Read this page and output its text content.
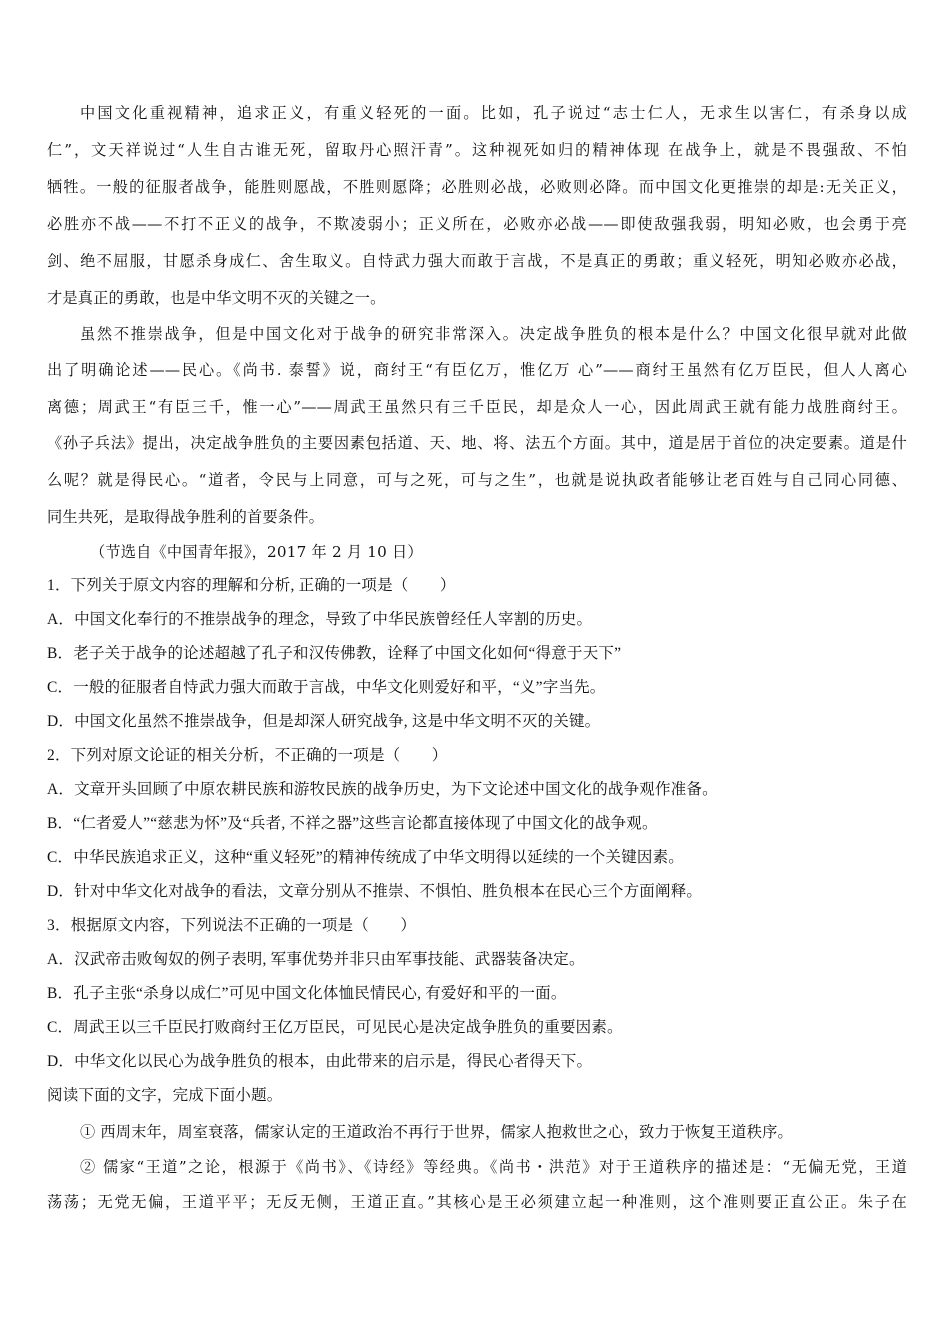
中国文化重视精神，追求正义，有重义轻死的一面。比如，孔子说过“志士仁人，无求生以害仁，有杀身以成
仁”，文天祥说过“人生自古谁无死，留取丹心照汗青”。这种视死如归的精神体现 在战争上，就是不畏强敌、不怕
牺牲。一般的征服者战争，能胜则愿战，不胜则愿降；必胜则必战，必败则必降。而中国文化更推崇的却是:无关正义，
必胜亦不战——不打不正义的战争，不欺凌弱小；正义所在，必败亦必战——即使敌强我弱，明知必败，也会勇于亮
剑、绝不屈服，甘愿杀身成仁、舍生取义。自恃武力强大而敢于言战，不是真正的勇敢；重义轻死，明知必败亦必战，
才是真正的勇敢，也是中华文明不灭的关键之一。
虽然不推崇战争，但是中国文化对于战争的研究非常深入。决定战争胜负的根本是什么？中国文化很早就对此做
出了明确论述——民心。《尚书. 泰誓》说，商纣王“有臣亿万，惟亿万 心”——商纣王虽然有亿万臣民，但人人离心
离德；周武王“有臣三千，惟一心”——周武王虽然只有三千臣民，却是众人一心，因此周武王就有能力战胜商纣王。
《孙子兵法》提出，决定战争胜负的主要因素包括道、天、地、将、法五个方面。其中，道是居于首位的决定要素。道是什
么呢？就是得民心。“道者，令民与上同意，可与之死，可与之生”，也就是说执政者能够让老百姓与自己同心同德、
同生共死，是取得战争胜利的首要条件。
（节选自《中国青年报》，2017 年 2 月 10 日）
1．下列关于原文内容的理解和分析, 正确的一项是（　　）
A．中国文化奉行的不推崇战争的理念，导致了中华民族曾经任人宰割的历史。
B．老子关于战争的论述超越了孔子和汉传佛教，诠释了中国文化如何“得意于天下”
C．一般的征服者自恃武力强大而敢于言战，中华文化则爱好和平，“义”字当先。
D．中国文化虽然不推崇战争，但是却深人研究战争, 这是中华文明不灭的关键。
2．下列对原文论证的相关分析，不正确的一项是（　　）
A．文章开头回顾了中原农耕民族和游牧民族的战争历史，为下文论述中国文化的战争观作准备。
B．“仁者爱人”“慈悲为怀”及“兵者, 不祥之器”这些言论都直接体现了中国文化的战争观。
C．中华民族追求正义，这种“重义轻死”的精神传统成了中华文明得以延续的一个关键因素。
D．针对中华文化对战争的看法，文章分别从不推崇、不惧怕、胜负根本在民心三个方面阐释。
3．根据原文内容，下列说法不正确的一项是（　　）
A．汉武帝击败匈奴的例子表明, 军事优势并非只由军事技能、武器装备决定。
B．孔子主张“杀身以成仁”可见中国文化体恤民情民心, 有爱好和平的一面。
C．周武王以三千臣民打败商纣王亿万臣民，可见民心是决定战争胜负的重要因素。
D．中华文化以民心为战争胜负的根本，由此带来的启示是，得民心者得天下。
阅读下面的文字，完成下面小题。
① 西周末年，周室衰落，儒家认定的王道政治不再行于世界，儒家人抱救世之心，致力于恢复王道秩序。
② 儒家“王道”之论，根源于《尚书》、《诗经》等经典。《尚书・洪范》对于王道秩序的描述是：“无偏无党，王道
荡荡；无党无偏，王道平平；无反无侧，王道正直。”其核心是王必须建立起一种准则，这个准则要正直公正。朱子在
